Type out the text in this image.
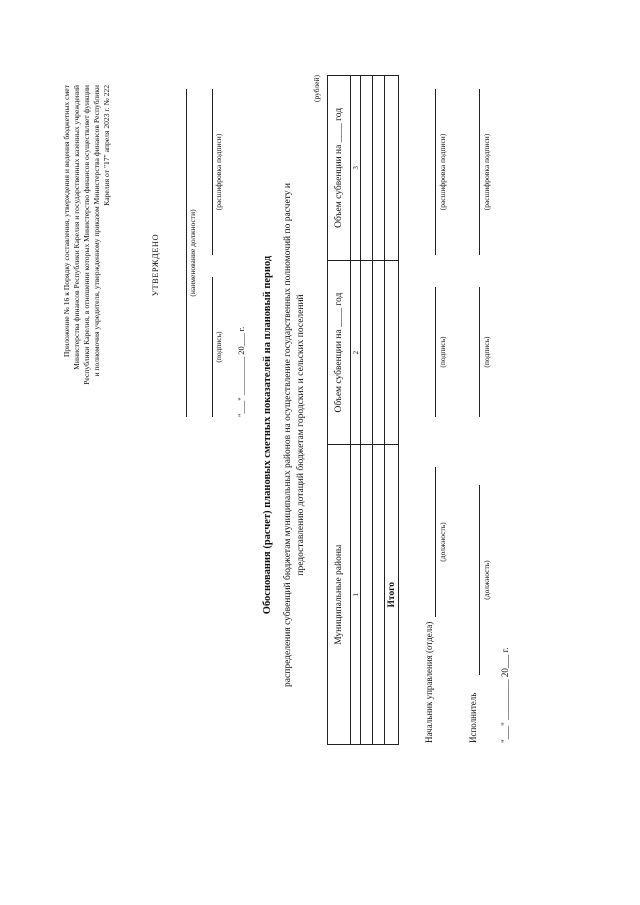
Приложение № 16 к Порядку составления, утверждения и ведения бюджетных смет Министерства финансов Республики Карелия и государственных казенных учреждений Республики Карелия, в отношении которых Министерство финансов осуществляет функции и полномочия учредителя, утвержденному приказом Министерства финансов Республики Карелия от "17" апреля 2023 г. № 222
УТВЕРЖДЕНО	(наименование должности)
(подпись)
(расшифровка подписи)
"___" _________ 20___ г. Обоснования (расчет) плановых сметных показателей на плановый период распределения субвенций бюджетам муниципальных районов на осуществление государственных полномочий по расчету и предоставлению дотаций бюджетам городских и сельских поселений
(рублей)
Муниципальные районы	Объем субвенции на ____ год	Объем субвенции на ____ год
1	2	3

Итого		
Начальник управления (отдела)
(должность)
(подпись)
(расшифровка подписи)
Исполнитель
(должность)
(подпись)
(расшифровка подписи)
"___" _________ 20___ г.
